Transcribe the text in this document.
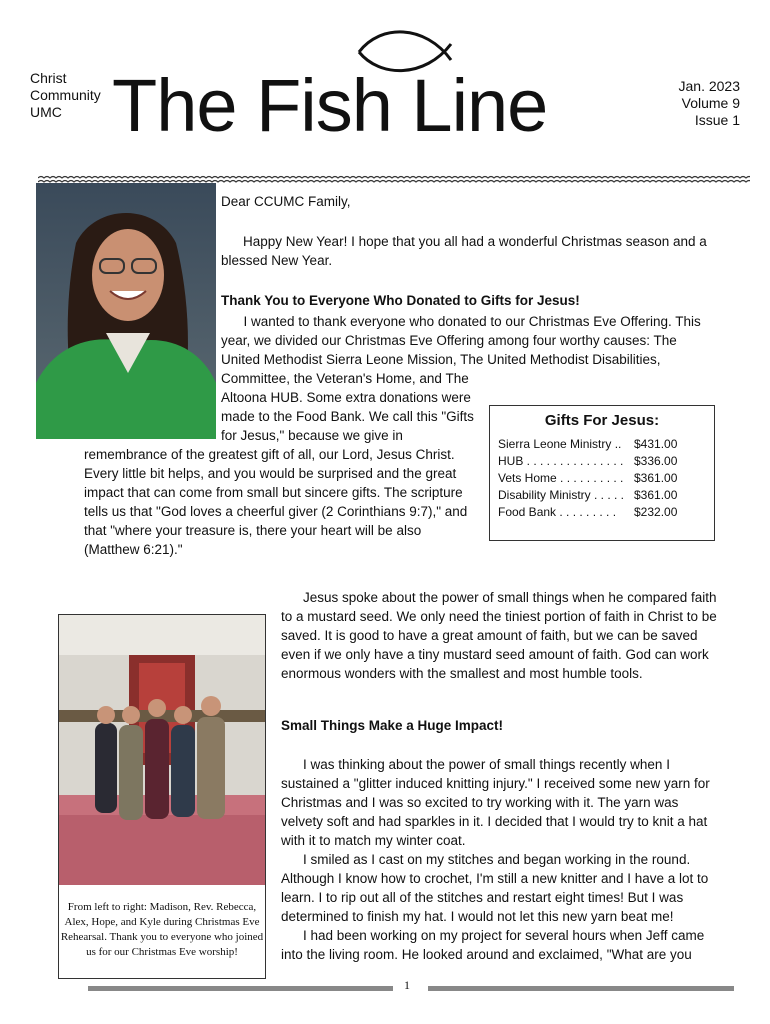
Christ
Community
UMC The Fish Line	Jan. 2023
Volume 9
Issue 1
Dear CCUMC Family,
Happy New Year! I hope that you all had a wonderful Christmas season and a blessed New Year.
Thank You to Everyone Who Donated to Gifts for Jesus!
I wanted to thank everyone who donated to our Christmas Eve Offering. This
year, we divided our Christmas Eve Offering among four worthy causes: The
United Methodist Sierra Leone Mission, The United Methodist Disabilities,
Committee, the Veteran's Home, and The
Altoona HUB. Some extra donations were
made to the Food Bank. We call this "Gifts
for Jesus," because we give in
remembrance of the greatest gift of all, our Lord, Jesus Christ.
Every little bit helps, and you would be surprised and the great
impact that can come from small but sincere gifts. The scripture
tells us that "God loves a cheerful giver (2 Corinthians 9:7)," and
that "where your treasure is, there your heart will be also
(Matthew 6:21)."
Gifts For Jesus:
Sierra Leone Ministry .. $431.00
HUB . . . . . . . . . . . . . . . $336.00
Vets Home . . . . . . . . . . $361.00
Disability Ministry . . . . . $361.00
Food Bank . . . . . . . . . $232.00
From left to right: Madison, Rev. Rebecca, Alex, Hope, and Kyle during Christmas Eve Rehearsal. Thank you to everyone who joined us for our Christmas Eve worship!
Jesus spoke about the power of small things when he compared faith to a mustard seed. We only need the tiniest portion of faith in Christ to be saved. It is good to have a great amount of faith, but we can be saved even if we only have a tiny mustard seed amount of faith. God can work enormous wonders with the smallest and most humble tools.
Small Things Make a Huge Impact!
I was thinking about the power of small things recently when I sustained a "glitter induced knitting injury." I received some new yarn for Christmas and I was so excited to try working with it. The yarn was velvety soft and had sparkles in it. I decided that I would try to knit a hat with it to match my winter coat.
I smiled as I cast on my stitches and began working in the round. Although I know how to crochet, I'm still a new knitter and I have a lot to learn. I to rip out all of the stitches and restart eight times! But I was determined to finish my hat. I would not let this new yarn beat me!
I had been working on my project for several hours when Jeff came into the living room. He looked around and exclaimed, "What are you
1
